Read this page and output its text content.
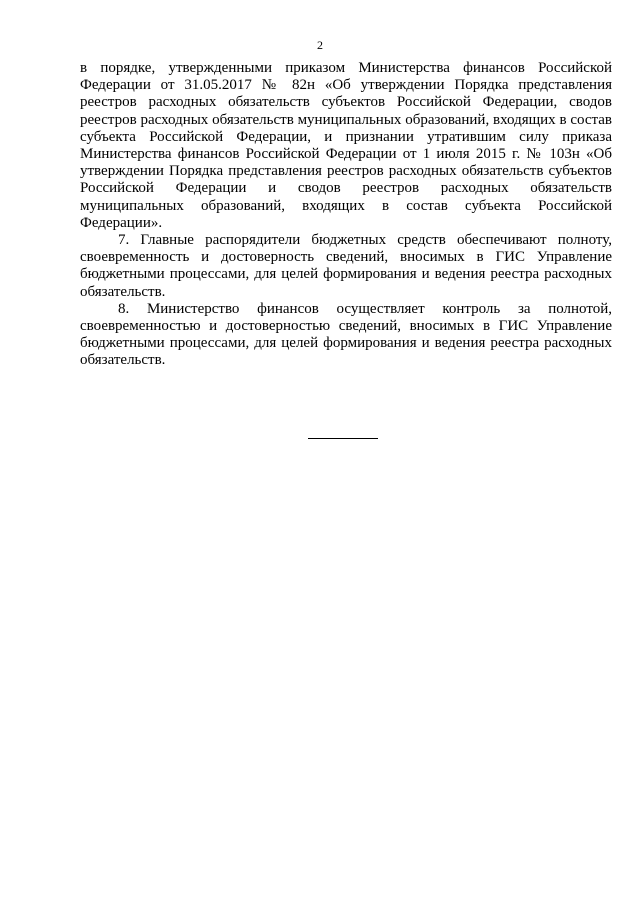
2

в порядке, утвержденными приказом Министерства финансов Российской Федерации от 31.05.2017 № 82н «Об утверждении Порядка представления реестров расходных обязательств субъектов Российской Федерации, сводов реестров расходных обязательств муниципальных образований, входящих в состав субъекта Российской Федерации, и признании утратившим силу приказа Министерства финансов Российской Федерации от 1 июля 2015 г. № 103н «Об утверждении Порядка представления реестров расходных обязательств субъектов Российской Федерации и сводов реестров расходных обязательств муниципальных образований, входящих в состав субъекта Российской Федерации».

7. Главные распорядители бюджетных средств обеспечивают полноту, своевременность и достоверность сведений, вносимых в ГИС Управление бюджетными процессами, для целей формирования и ведения реестра расходных обязательств.

8. Министерство финансов осуществляет контроль за полнотой, своевременностью и достоверностью сведений, вносимых в ГИС Управление бюджетными процессами, для целей формирования и ведения реестра расходных обязательств.
